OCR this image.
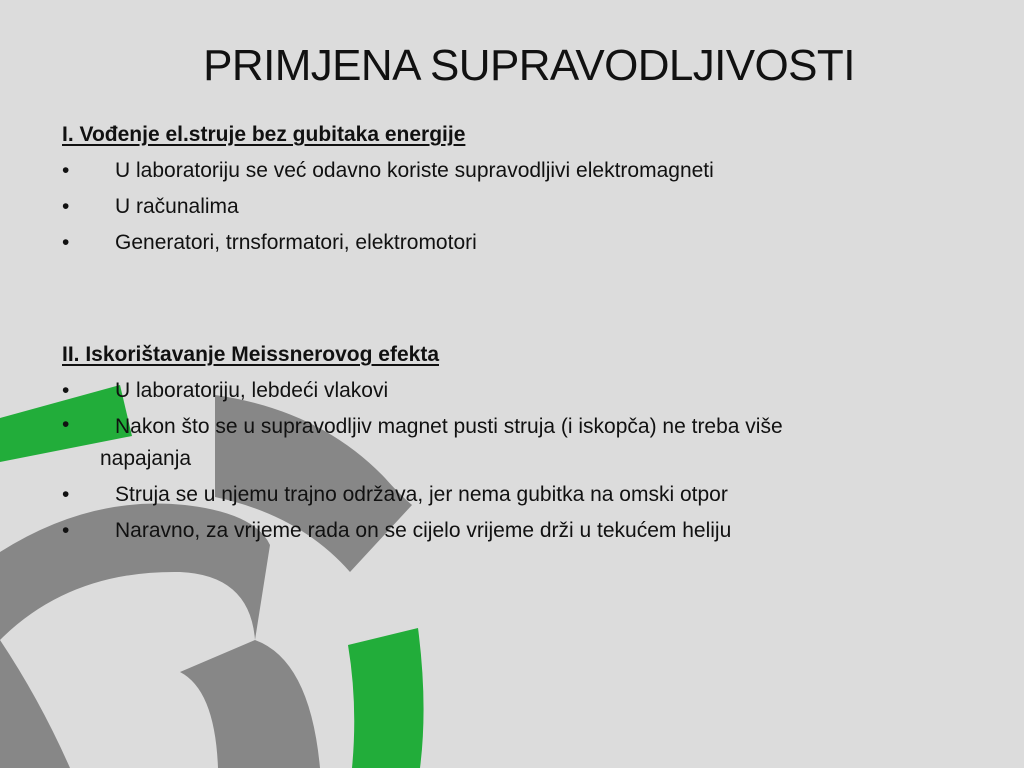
PRIMJENA SUPRAVODLJIVOSTI

I. Vođenje el.struje bez gubitaka energije

• U laboratoriju se već odavno koriste supravodljivi elektromagneti

• U računalima

• Generatori, trnsformatori, elektromotori

II. Iskorištavanje Meissnerovog efekta

• U laboratoriju, lebdeći vlakovi

• Nakon što se u supravodljiv magnet pusti struja (i iskopča) ne treba više
napajanja

• Struja se u njemu trajno održava, jer nema gubitka na omski otpor

• Naravno, za vrijeme rada on se cijelo vrijeme drži u tekućem heliju
